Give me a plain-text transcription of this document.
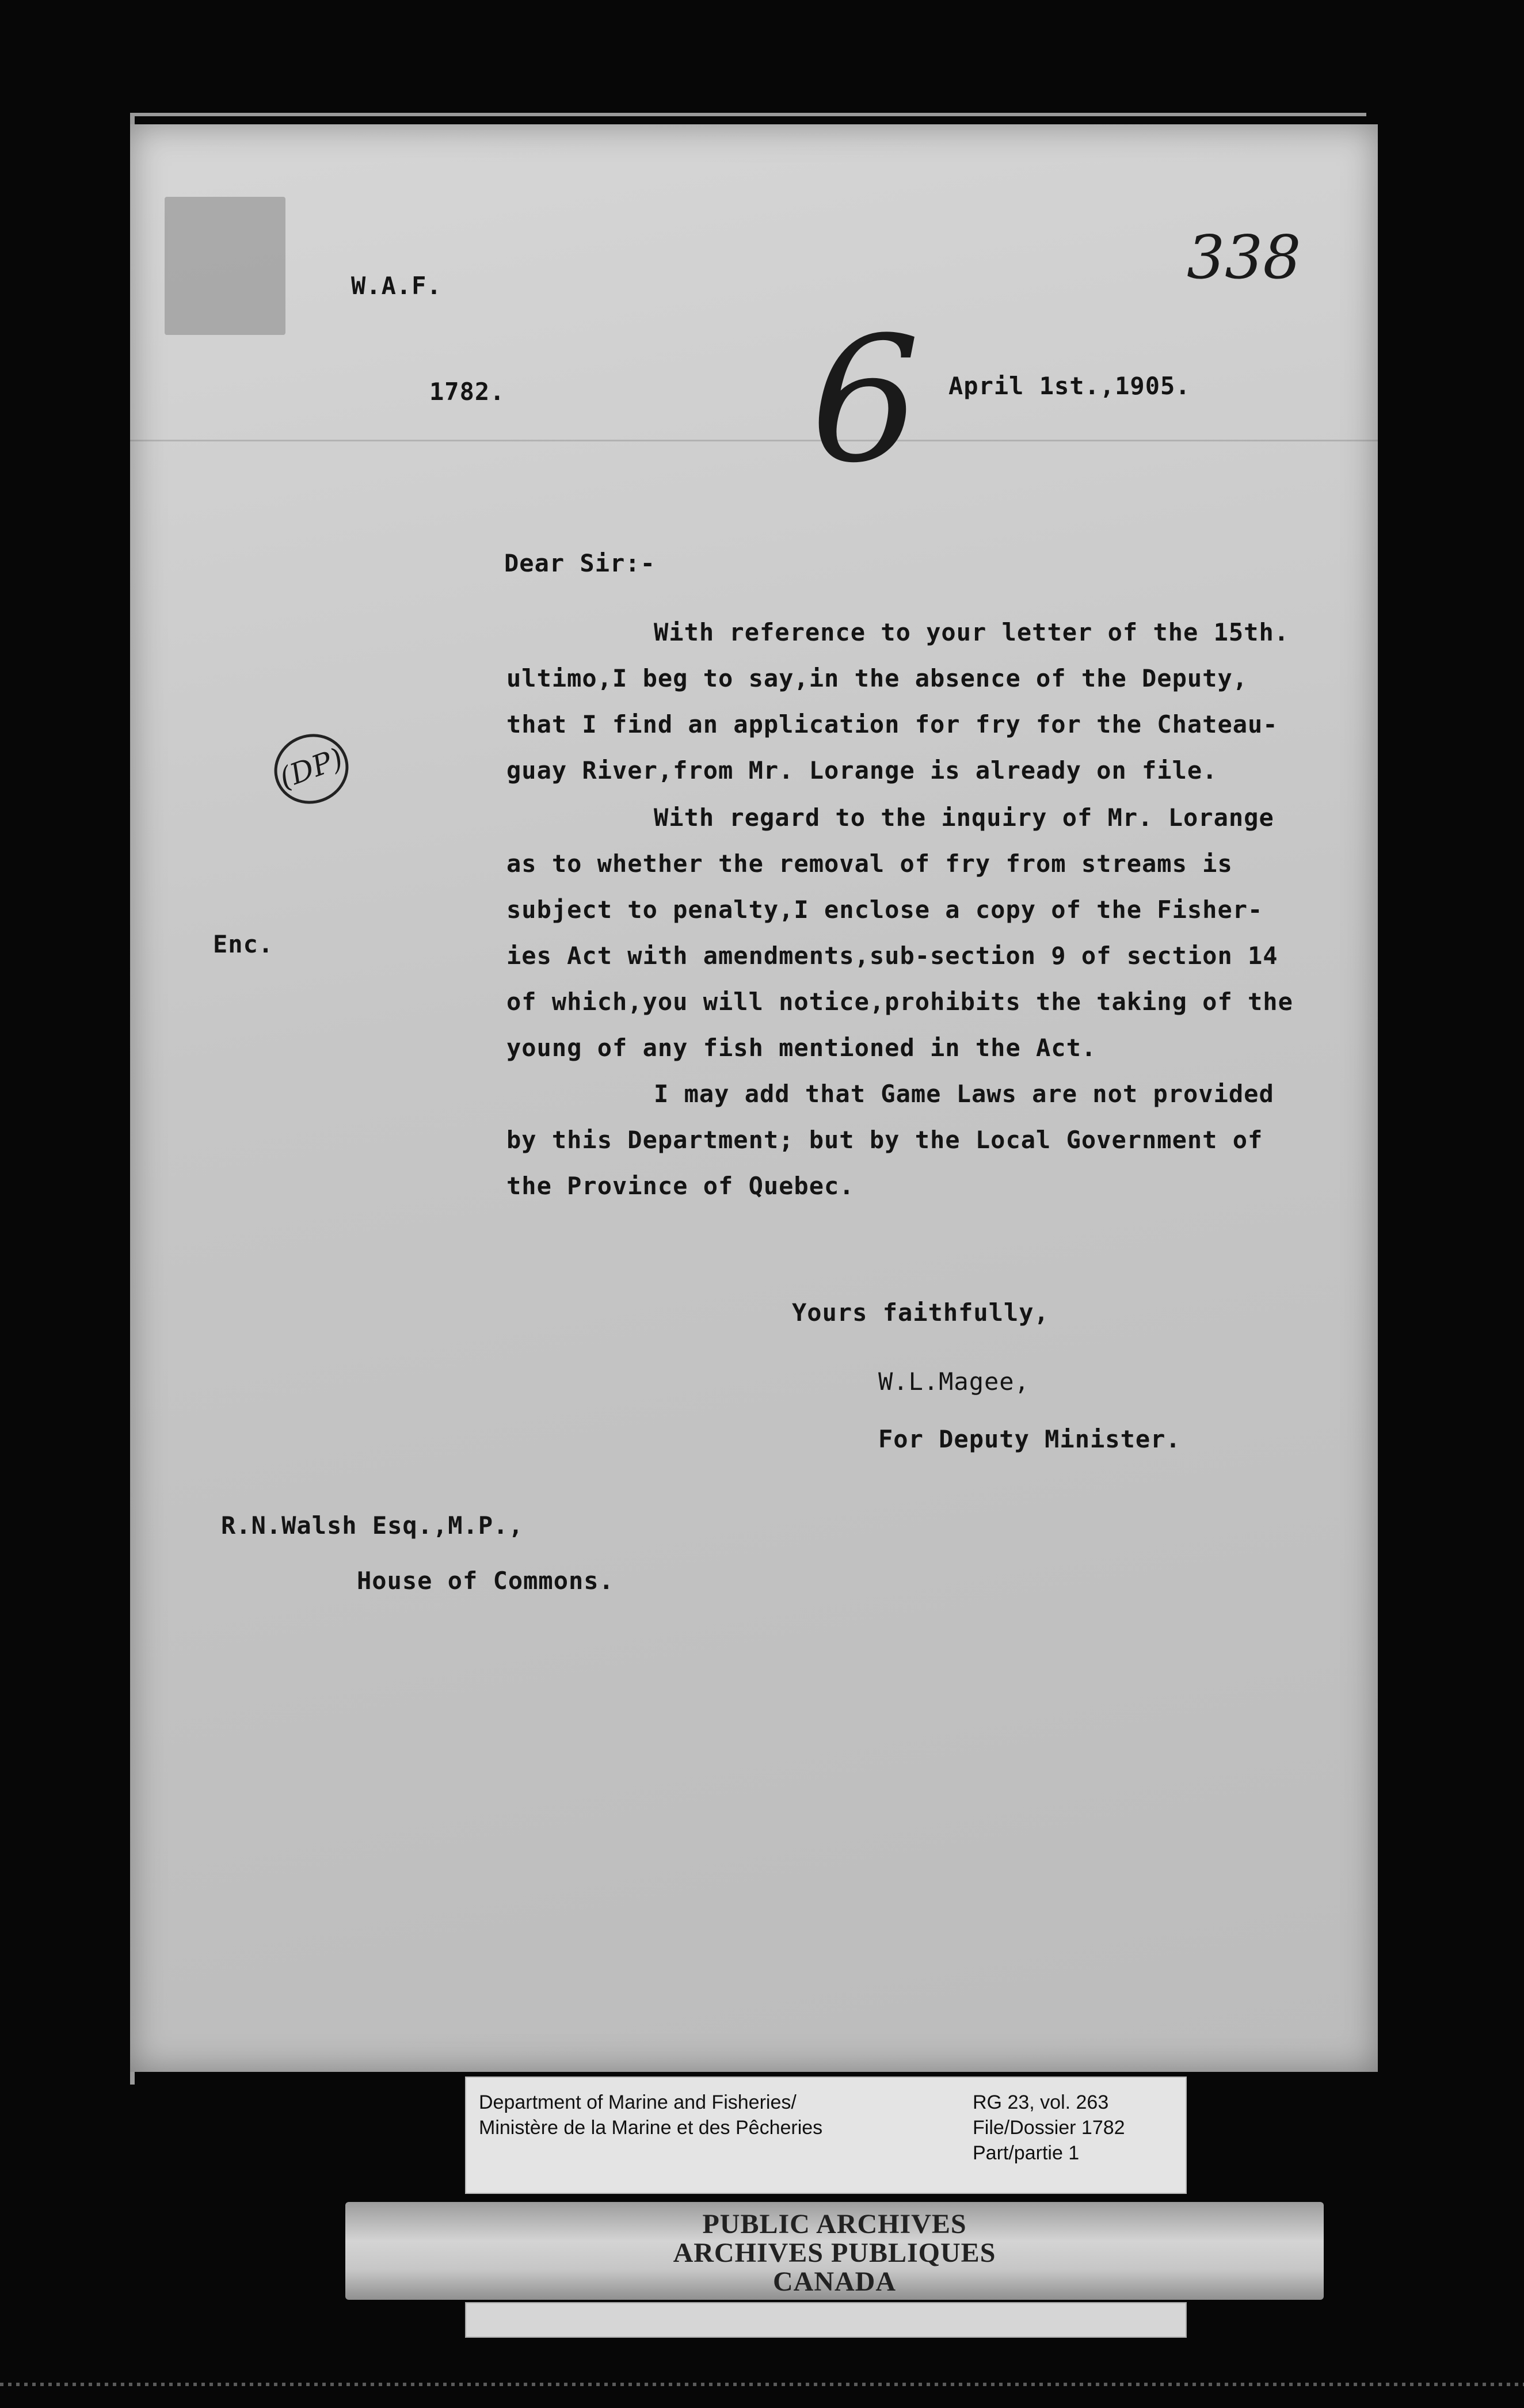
W.A.F.
1782.	April 1st.,1905.
338
6
(DP)
Dear Sir:-
With reference to your letter of the 15th.
ultimo,I beg to say,in the absence of the Deputy,
that I find an application for fry for the Chateau-
guay River,from Mr. Lorange is already on file.
With regard to the inquiry of Mr. Lorange
as to whether the removal of fry from streams is
subject to penalty,I enclose a copy of the Fisher-
ies Act with amendments,sub-section 9 of section 14
of which,you will notice,prohibits the taking of the
young of any fish mentioned in the Act.
I may add that Game Laws are not provided
by this Department; but by the Local Government of
the Province of Quebec.
Enc.
Yours faithfully,
W.L.Magee,
For Deputy Minister.
R.N.Walsh Esq.,M.P.,
House of Commons.
Department of Marine and Fisheries/
Ministère de la Marine et des Pêcheries
RG 23, vol. 263
File/Dossier 1782
Part/partie 1
PUBLIC ARCHIVES
ARCHIVES PUBLIQUES
CANADA
